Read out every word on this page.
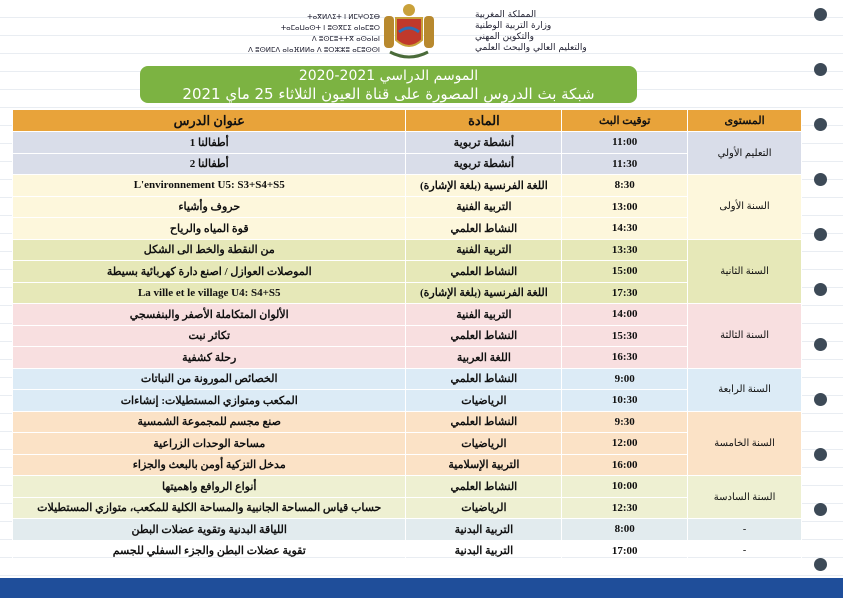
ⵜⴰⴳⵍⴷⵉⵜ ⵏ ⵍⵎⵖⵔⵉⴱ
ⵜⴰⵎⴰⵡⴰⵙⵜ ⵏ ⵓⵙⴳⵎⵉ ⴰⵏⴰⵎⵓⵔ
ⴷ ⵓⵙⵎⵓⵜⵜⴳ ⴰⵙⴰⵏⴰⵏ
ⴷ ⵓⵙⵍⵎⴷ ⴰⵏⴰⴼⵍⵍⴰ ⴷ ⵓⵔⵣⵣⵓ ⴰⵎⵓⵙⵙⵏ
المملكة المغربية
وزارة التربية الوطنية
والتكوين المهني
والتعليم العالي والبحث العلمي
الموسم الدراسي 2021-2020
شبكة بث الدروس المصورة على قناة العيون الثلاثاء 25 ماي 2021
المستوى	توقيت البث	المادة	عنوان الدرس
التعليم الأولي	11:00	أنشطة تربوية	أطفالنا 1
	11:30	أنشطة تربوية	أطفالنا 2
السنة الأولى	8:30	اللغة الفرنسية (بلغة الإشارة)	L'environnement U5: S3+S4+S5
	13:00	التربية الفنية	حروف وأشياء
	14:30	النشاط العلمي	قوة المياه والرياح
السنة الثانية	13:30	التربية الفنية	من النقطة والخط الى الشكل
	15:00	النشاط العلمي	الموصلات العوازل / اصنع دارة كهربائية بسيطة
	17:30	اللغة الفرنسية (بلغة الإشارة)	La ville et le village U4: S4+S5
السنة الثالثة	14:00	التربية الفنية	الألوان المتكاملة الأصفر والبنفسجي
	15:30	النشاط العلمي	تكاثر نبت
	16:30	اللغة العربية	رحلة كشفية
السنة الرابعة	9:00	النشاط العلمي	الخصائص المورونة من النباتات
	10:30	الرياضيات	المكعب ومتوازي المستطيلات: إنشاءات
السنة الخامسة	9:30	النشاط العلمي	صنع مجسم للمجموعة الشمسية
	12:00	الرياضيات	مساحة الوحدات الزراعية
	16:00	التربية الإسلامية	مدخل التزكية أومن بالبعث والجزاء
السنة السادسة	10:00	النشاط العلمي	أنواع الروافع واهميتها
	12:30	الرياضيات	حساب قياس المساحة الجانبية والمساحة الكلية للمكعب، متوازي المستطيلات
-	8:00	التربية البدنية	اللياقة البدنية وتقوية عضلات البطن
-	17:00	التربية البدنية	تقوية عضلات البطن والجزء السفلي للجسم
